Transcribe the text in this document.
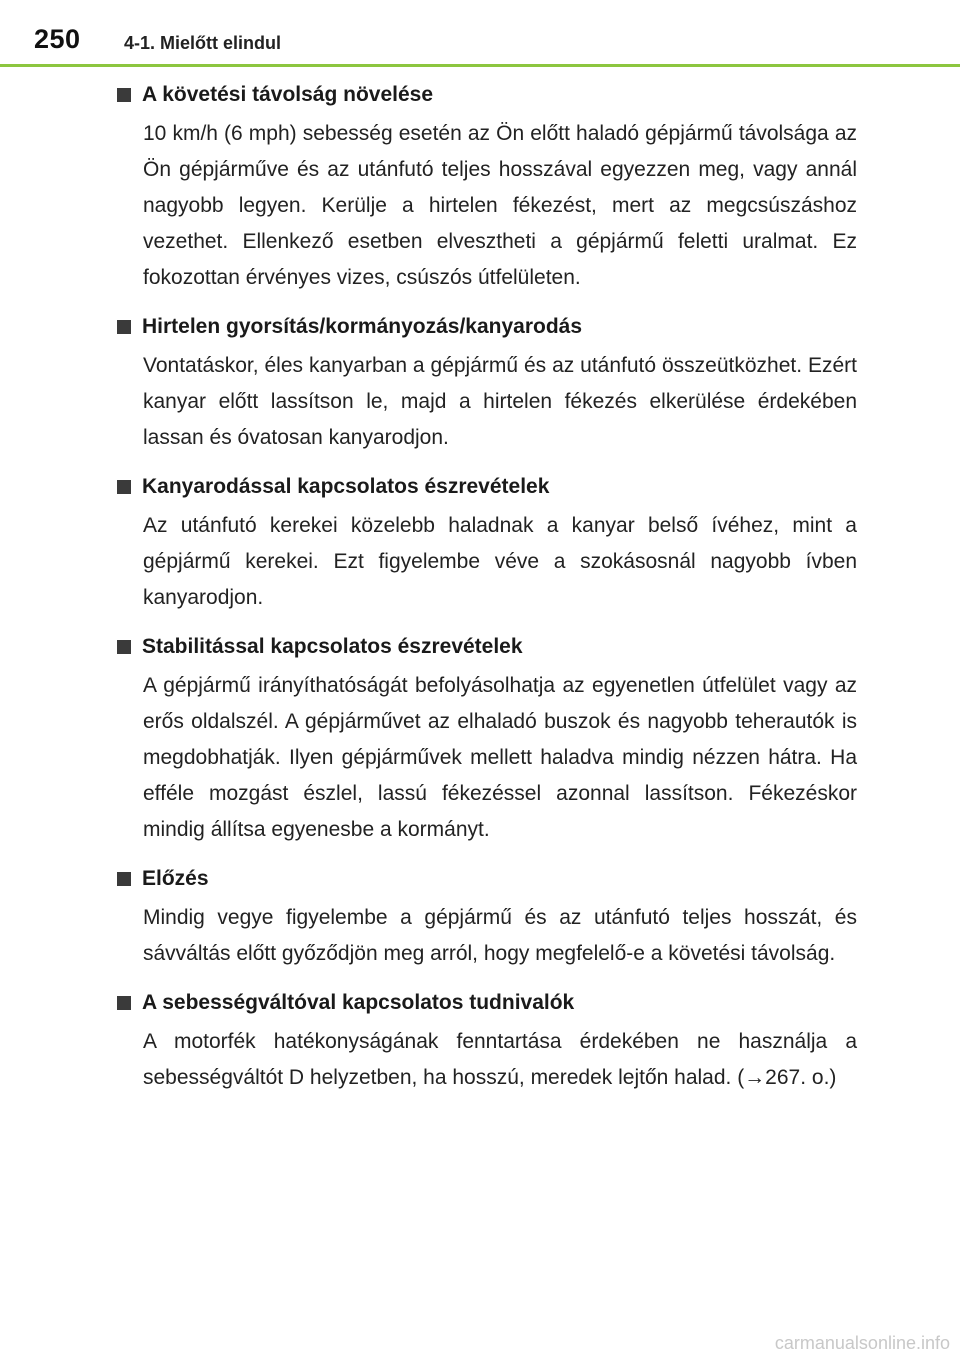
250 4-1. Mielőtt elindul
A követési távolság növelése
10 km/h (6 mph) sebesség esetén az Ön előtt haladó gépjármű távolsága az Ön gépjárműve és az utánfutó teljes hosszával egyezzen meg, vagy annál nagyobb legyen. Kerülje a hirtelen fékezést, mert az megcsúszáshoz vezethet. Ellenkező esetben elvesztheti a gépjármű feletti uralmat. Ez fokozottan érvényes vizes, csúszós útfelületen.
Hirtelen gyorsítás/kormányozás/kanyarodás
Vontatáskor, éles kanyarban a gépjármű és az utánfutó összeütközhet. Ezért kanyar előtt lassítson le, majd a hirtelen fékezés elkerülése érdekében lassan és óvatosan kanyarodjon.
Kanyarodással kapcsolatos észrevételek
Az utánfutó kerekei közelebb haladnak a kanyar belső ívéhez, mint a gépjármű kerekei. Ezt figyelembe véve a szokásosnál nagyobb ívben kanyarodjon.
Stabilitással kapcsolatos észrevételek
A gépjármű irányíthatóságát befolyásolhatja az egyenetlen útfelület vagy az erős oldalszél. A gépjárművet az elhaladó buszok és nagyobb teherautók is megdobhatják. Ilyen gépjárművek mellett haladva mindig nézzen hátra. Ha efféle mozgást észlel, lassú fékezéssel azonnal lassítson. Fékezéskor mindig állítsa egyenesbe a kormányt.
Előzés
Mindig vegye figyelembe a gépjármű és az utánfutó teljes hosszát, és sávváltás előtt győződjön meg arról, hogy megfelelő-e a követési távolság.
A sebességváltóval kapcsolatos tudnivalók
A motorfék hatékonyságának fenntartása érdekében ne használja a sebességváltót D helyzetben, ha hosszú, meredek lejtőn halad. (→267. o.)
carmanualsonline.info
